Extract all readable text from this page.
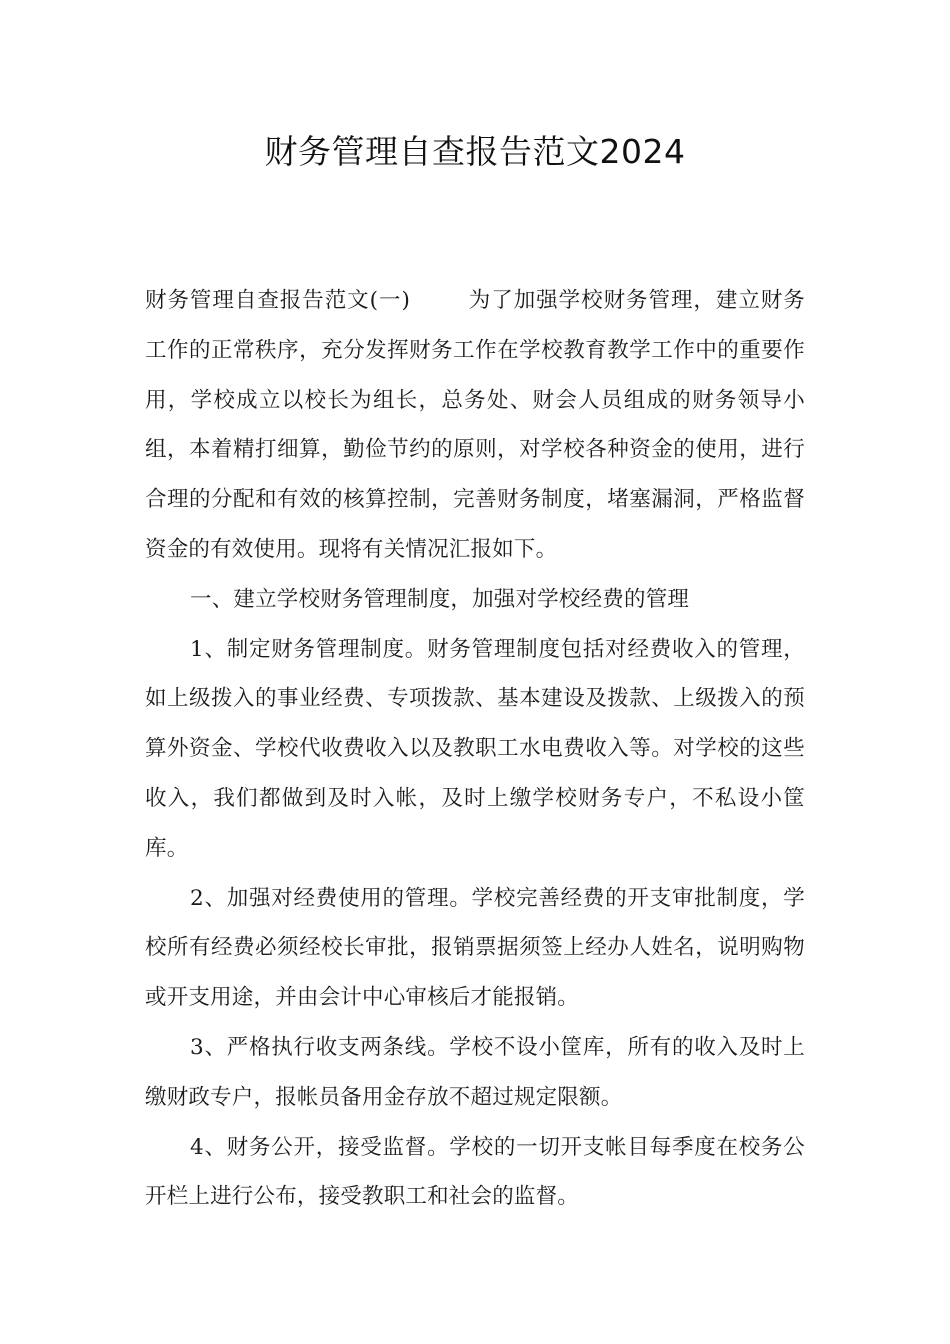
财务管理自查报告范文2024

财务管理自查报告范文(一)	为了加强学校财务管理，建立财务工作的正常秩序，充分发挥财务工作在学校教育教学工作中的重要作用，学校成立以校长为组长，总务处、财会人员组成的财务领导小组，本着精打细算，勤俭节约的原则，对学校各种资金的使用，进行合理的分配和有效的核算控制，完善财务制度，堵塞漏洞，严格监督资金的有效使用。现将有关情况汇报如下。

一、建立学校财务管理制度，加强对学校经费的管理

1、制定财务管理制度。财务管理制度包括对经费收入的管理，如上级拨入的事业经费、专项拨款、基本建设及拨款、上级拨入的预算外资金、学校代收费收入以及教职工水电费收入等。对学校的这些收入，我们都做到及时入帐，及时上缴学校财务专户，不私设小筐库。

2、加强对经费使用的管理。学校完善经费的开支审批制度，学校所有经费必须经校长审批，报销票据须签上经办人姓名，说明购物或开支用途，并由会计中心审核后才能报销。

3、严格执行收支两条线。学校不设小筐库，所有的收入及时上缴财政专户，报帐员备用金存放不超过规定限额。

4、财务公开，接受监督。学校的一切开支帐目每季度在校务公开栏上进行公布，接受教职工和社会的监督。
